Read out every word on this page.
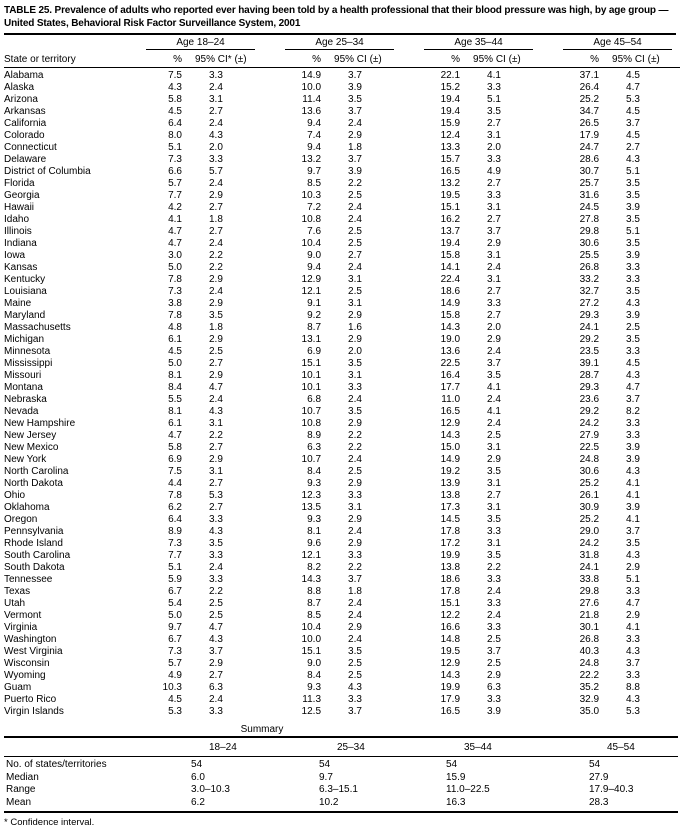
TABLE 25. Prevalence of adults who reported ever having been told by a health professional that their blood pressure was high, by age group — United States, Behavioral Risk Factor Surveillance System, 2001

	Age 18–24		Age 25–34		Age 35–44		Age 45–54	

State or territory	%	95% CI* (±)	%	95% CI (±)	%	95% CI (±)	%	95% CI (±)
Alabama	7.5	3.3	14.9	3.7	22.1	4.1	37.1	4.5
Alaska	4.3	2.4	10.0	3.9	15.2	3.3	26.4	4.7
Arizona	5.8	3.1	11.4	3.5	19.4	5.1	25.2	5.3
Arkansas	4.5	2.7	13.6	3.7	19.4	3.5	34.7	4.5
California	6.4	2.4	9.4	2.4	15.9	2.7	26.5	3.7
Colorado	8.0	4.3	7.4	2.9	12.4	3.1	17.9	4.5
Connecticut	5.1	2.0	9.4	1.8	13.3	2.0	24.7	2.7
Delaware	7.3	3.3	13.2	3.7	15.7	3.3	28.6	4.3
District of Columbia	6.6	5.7	9.7	3.9	16.5	4.9	30.7	5.1
Florida	5.7	2.4	8.5	2.2	13.2	2.7	25.7	3.5
Georgia	7.7	2.9	10.3	2.5	19.5	3.3	31.6	3.5
Hawaii	4.2	2.7	7.2	2.4	15.1	3.1	24.5	3.9
Idaho	4.1	1.8	10.8	2.4	16.2	2.7	27.8	3.5
Illinois	4.7	2.7	7.6	2.5	13.7	3.7	29.8	5.1
Indiana	4.7	2.4	10.4	2.5	19.4	2.9	30.6	3.5
Iowa	3.0	2.2	9.0	2.7	15.8	3.1	25.5	3.9
Kansas	5.0	2.2	9.4	2.4	14.1	2.4	26.8	3.3
Kentucky	7.8	2.9	12.9	3.1	22.4	3.1	33.2	3.3
Louisiana	7.3	2.4	12.1	2.5	18.6	2.7	32.7	3.5
Maine	3.8	2.9	9.1	3.1	14.9	3.3	27.2	4.3
Maryland	7.8	3.5	9.2	2.9	15.8	2.7	29.3	3.9
Massachusetts	4.8	1.8	8.7	1.6	14.3	2.0	24.1	2.5
Michigan	6.1	2.9	13.1	2.9	19.0	2.9	29.2	3.5
Minnesota	4.5	2.5	6.9	2.0	13.6	2.4	23.5	3.3
Mississippi	5.0	2.7	15.1	3.5	22.5	3.7	39.1	4.5
Missouri	8.1	2.9	10.1	3.1	16.4	3.5	28.7	4.3
Montana	8.4	4.7	10.1	3.3	17.7	4.1	29.3	4.7
Nebraska	5.5	2.4	6.8	2.4	11.0	2.4	23.6	3.7
Nevada	8.1	4.3	10.7	3.5	16.5	4.1	29.2	8.2
New Hampshire	6.1	3.1	10.8	2.9	12.9	2.4	24.2	3.3
New Jersey	4.7	2.2	8.9	2.2	14.3	2.5	27.9	3.3
New Mexico	5.8	2.7	6.3	2.2	15.0	3.1	22.5	3.9
New York	6.9	2.9	10.7	2.4	14.9	2.9	24.8	3.9
North Carolina	7.5	3.1	8.4	2.5	19.2	3.5	30.6	4.3
North Dakota	4.4	2.7	9.3	2.9	13.9	3.1	25.2	4.1
Ohio	7.8	5.3	12.3	3.3	13.8	2.7	26.1	4.1
Oklahoma	6.2	2.7	13.5	3.1	17.3	3.1	30.9	3.9
Oregon	6.4	3.3	9.3	2.9	14.5	3.5	25.2	4.1
Pennsylvania	8.9	4.3	8.1	2.4	17.8	3.3	29.0	3.7
Rhode Island	7.3	3.5	9.6	2.9	17.2	3.1	24.2	3.5
South Carolina	7.7	3.3	12.1	3.3	19.9	3.5	31.8	4.3
South Dakota	5.1	2.4	8.2	2.2	13.8	2.2	24.1	2.9
Tennessee	5.9	3.3	14.3	3.7	18.6	3.3	33.8	5.1
Texas	6.7	2.2	8.8	1.8	17.8	2.4	29.8	3.3
Utah	5.4	2.5	8.7	2.4	15.1	3.3	27.6	4.7
Vermont	5.0	2.5	8.5	2.4	12.2	2.4	21.8	2.9
Virginia	9.7	4.7	10.4	2.9	16.6	3.3	30.1	4.1
Washington	6.7	4.3	10.0	2.4	14.8	2.5	26.8	3.3
West Virginia	7.3	3.7	15.1	3.5	19.5	3.7	40.3	4.3
Wisconsin	5.7	2.9	9.0	2.5	12.9	2.5	24.8	3.7
Wyoming	4.9	2.7	8.4	2.5	14.3	2.9	22.2	3.3
Guam	10.3	6.3	9.3	4.3	19.9	6.3	35.2	8.8
Puerto Rico	4.5	2.4	11.3	3.3	17.9	3.3	32.9	4.3
Virgin Islands	5.3	3.3	12.5	3.7	16.5	3.9	35.0	5.3
Summary
	18–24	25–34	35–44	45–54
No. of states/territories	54	54	54	54
Median	6.0	9.7	15.9	27.9
Range	3.0–10.3	6.3–15.1	11.0–22.5	17.9–40.3
Mean	6.2	10.2	16.3	28.3
* Confidence interval.
